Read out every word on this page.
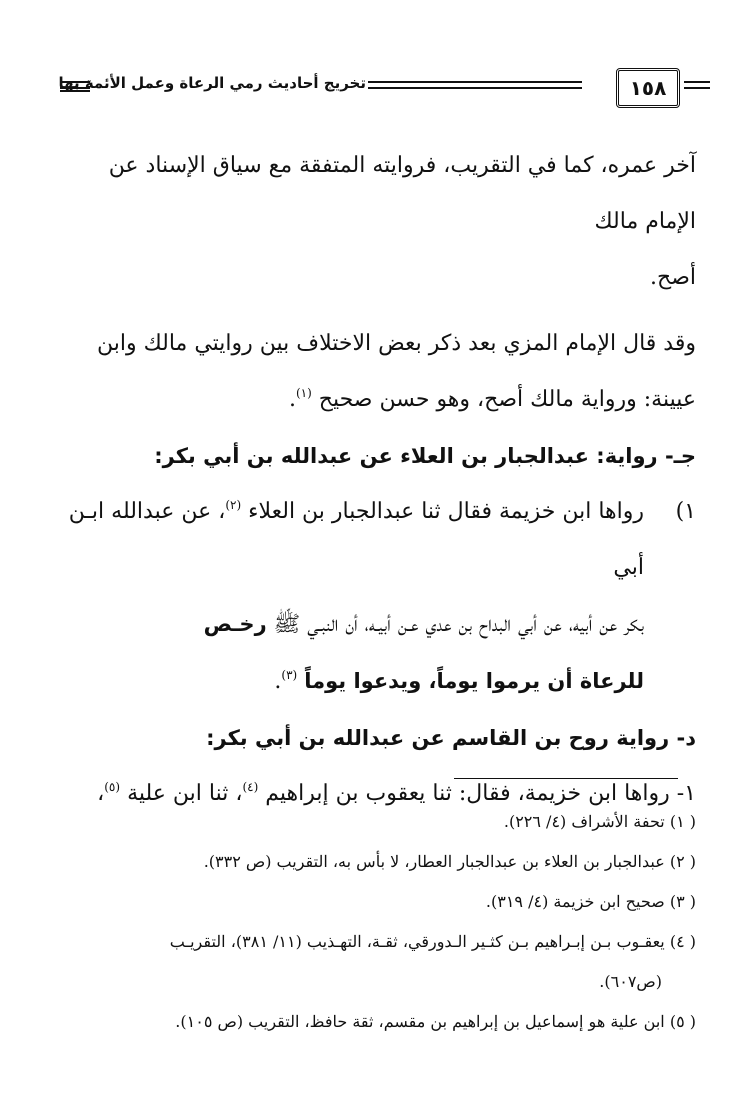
١٥٨
تخريج أحاديث رمي الرعاة وعمل الأئمة بها

آخر عمره، كما في التقريب، فروايته المتفقة مع سياق الإسناد عن الإمام مالك

أصح.

وقد قال الإمام المزي بعد ذكر بعض الاختلاف بين روايتي مالك وابن

عيينة: ورواية مالك أصح، وهو حسن صحيح $^{(١)}$.

جـ- رواية: عبدالجبار بن العلاء عن عبدالله بن أبي بكر:

١)
رواها ابن خزيمة فقال ثنا عبدالجبار بن العلاء $^{(٢)}$، عن عبدالله ابـن أبي
بكر عن أبيه، عن أبي البداح بن عدي عـن أبيـه، أن النبـي ﷺ رخـص
للرعاة أن يرموا يوماً، ويدعوا يوماً $^{(٣)}$.

د- رواية روح بن القاسم عن عبدالله بن أبي بكر:

١- رواها ابن خزيمة، فقال: ثنا يعقوب بن إبراهيم $^{(٤)}$، ثنا ابن علية $^{(٥)}$،

( ١) تحفة الأشراف (٤/ ٢٢٦).

( ٢) عبدالجبار بن العلاء بن عبدالجبار العطار، لا بأس به، التقريب (ص ٣٣٢).

( ٣) صحيح ابن خزيمة (٤/ ٣١٩).

( ٤) يعقـوب بـن إبـراهيم بـن كثـير الـدورقي، ثقـة، التهـذيب (١١/ ٣٨١)، التقريـب

(ص٦٠٧).

( ٥) ابن علية هو إسماعيل بن إبراهيم بن مقسم، ثقة حافظ، التقريب (ص ١٠٥).
